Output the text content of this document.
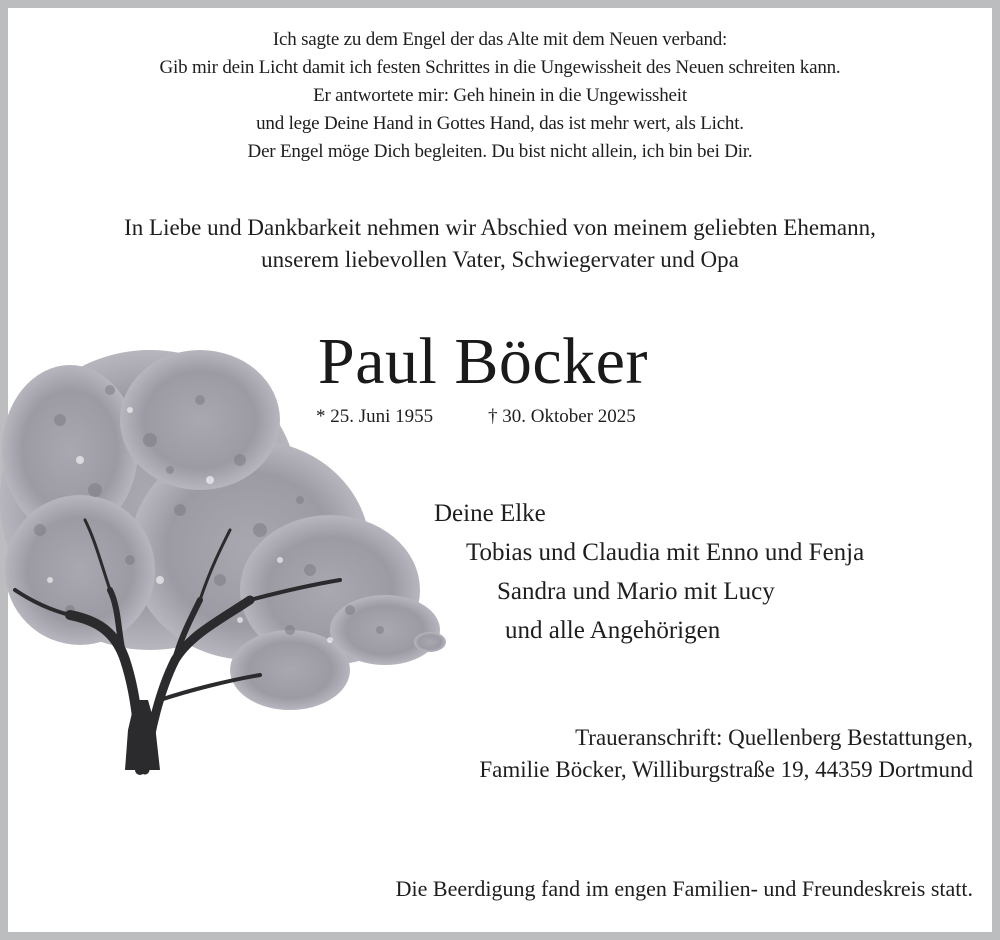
Ich sagte zu dem Engel der das Alte mit dem Neuen verband:
Gib mir dein Licht damit ich festen Schrittes in die Ungewissheit des Neuen schreiten kann.
Er antwortete mir: Geh hinein in die Ungewissheit
und lege Deine Hand in Gottes Hand, das ist mehr wert, als Licht.
Der Engel möge Dich begleiten. Du bist nicht allein, ich bin bei Dir.
In Liebe und Dankbarkeit nehmen wir Abschied von meinem geliebten Ehemann,
unserem liebevollen Vater, Schwiegervater und Opa
Paul Böcker
* 25. Juni 1955	† 30. Oktober 2025
Deine Elke
Tobias und Claudia mit Enno und Fenja
Sandra und Mario mit Lucy
und alle Angehörigen
Traueranschrift: Quellenberg Bestattungen,
Familie Böcker, Williburgstraße 19, 44359 Dortmund
Die Beerdigung fand im engen Familien- und Freundeskreis statt.
